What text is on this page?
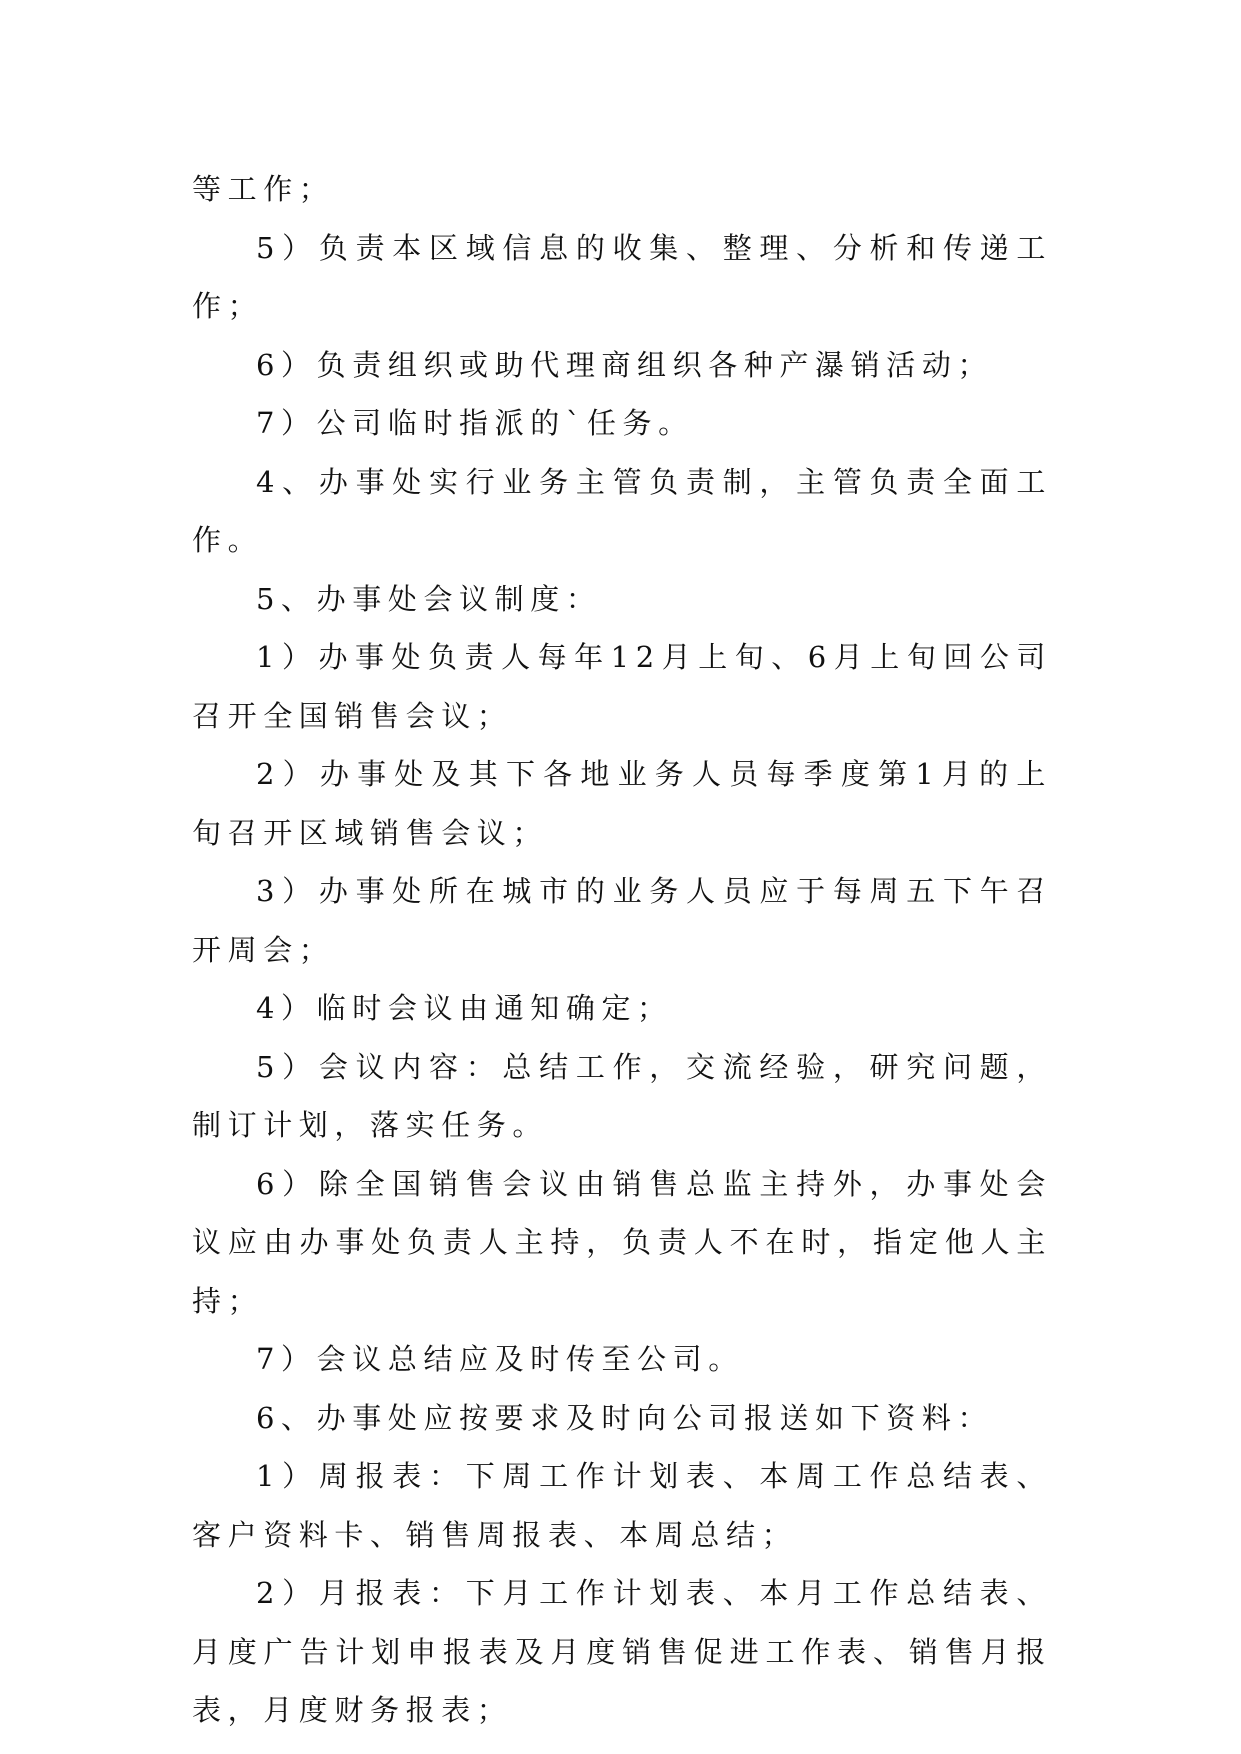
等工作；

5）负责本区域信息的收集、整理、分析和传递工作；

6）负责组织或助代理商组织各种产瀑销活动；

7）公司临时指派的`任务。

4、办事处实行业务主管负责制，主管负责全面工作。

5、办事处会议制度：

1）办事处负责人每年12月上旬、6月上旬回公司召开全国销售会议；

2）办事处及其下各地业务人员每季度第1月的上旬召开区域销售会议；

3）办事处所在城市的业务人员应于每周五下午召开周会；

4）临时会议由通知确定；

5）会议内容：总结工作，交流经验，研究问题，制订计划，落实任务。

6）除全国销售会议由销售总监主持外，办事处会议应由办事处负责人主持，负责人不在时，指定他人主持；

7）会议总结应及时传至公司。

6、办事处应按要求及时向公司报送如下资料：

1）周报表：下周工作计划表、本周工作总结表、客户资料卡、销售周报表、本周总结；

2）月报表：下月工作计划表、本月工作总结表、月度广告计划申报表及月度销售促进工作表、销售月报表，月度财务报表；
